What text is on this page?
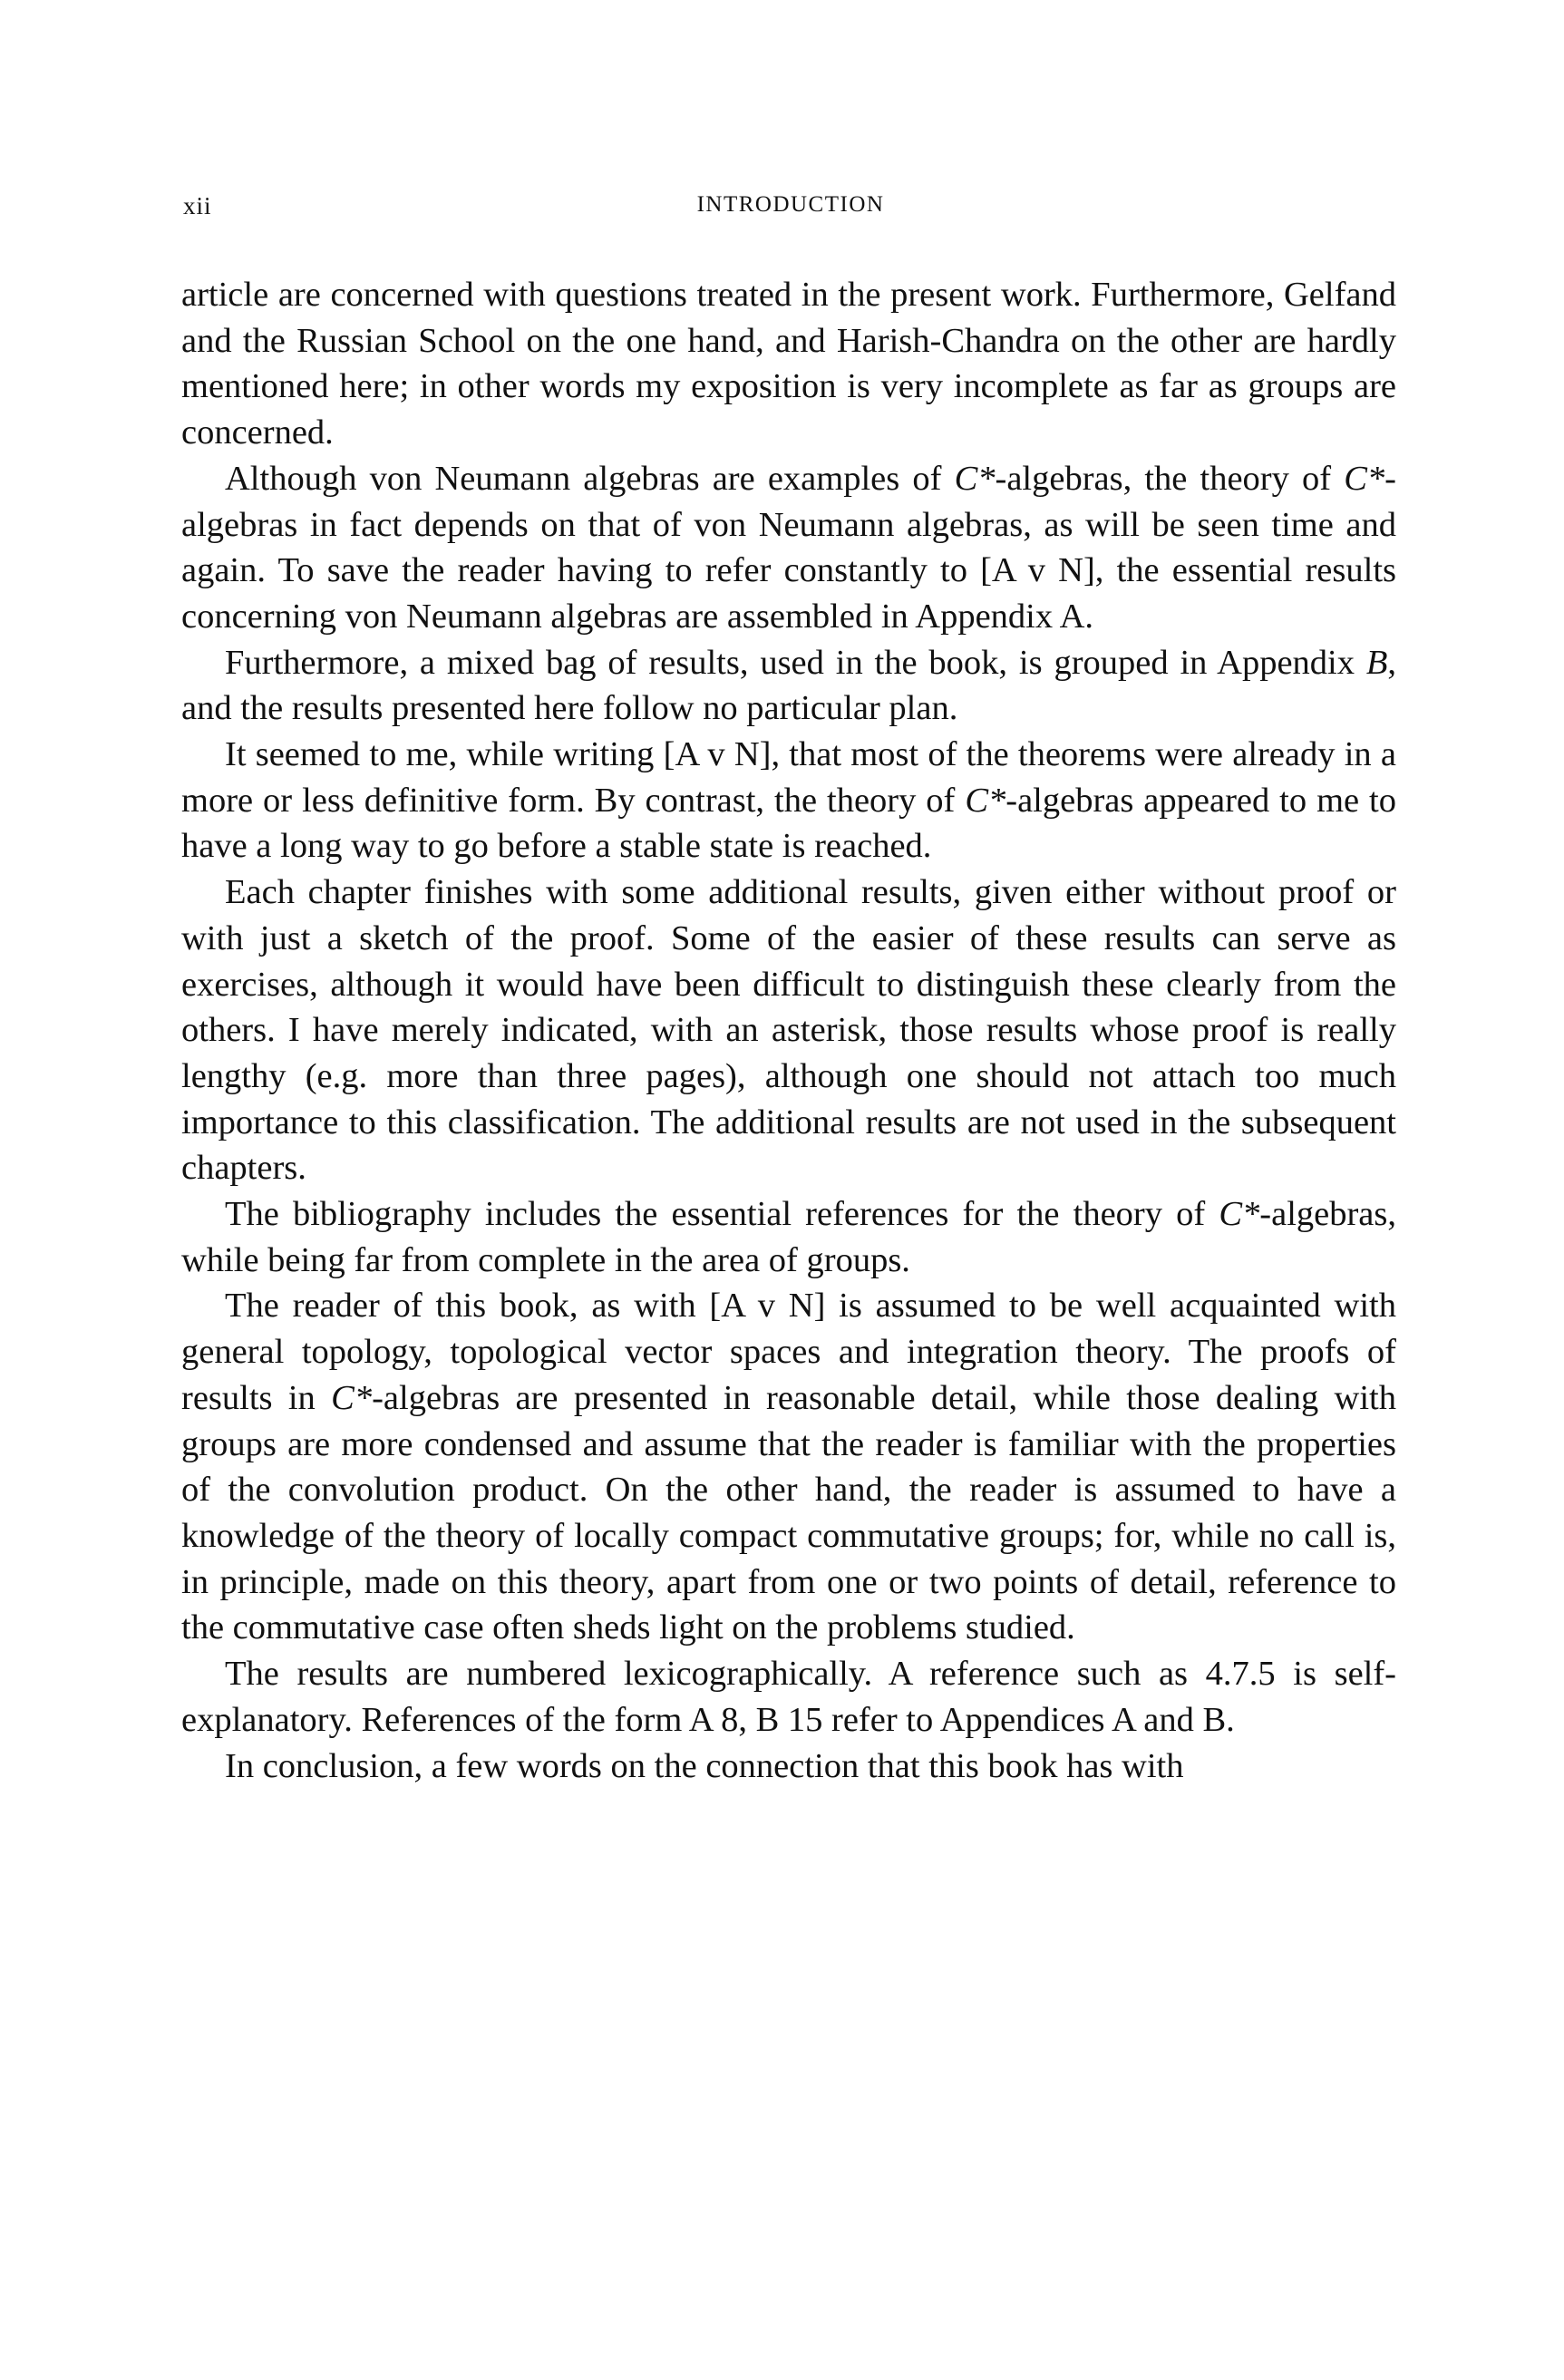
xii	INTRODUCTION

article are concerned with questions treated in the present work. Furthermore, Gelfand and the Russian School on the one hand, and Harish-Chandra on the other are hardly mentioned here; in other words my exposition is very incomplete as far as groups are concerned.

Although von Neumann algebras are examples of C*-algebras, the theory of C*-algebras in fact depends on that of von Neumann algebras, as will be seen time and again. To save the reader having to refer constantly to [A v N], the essential results concerning von Neumann algebras are assembled in Appendix A.

Furthermore, a mixed bag of results, used in the book, is grouped in Appendix B, and the results presented here follow no particular plan.

It seemed to me, while writing [A v N], that most of the theorems were already in a more or less definitive form. By contrast, the theory of C*-algebras appeared to me to have a long way to go before a stable state is reached.

Each chapter finishes with some additional results, given either without proof or with just a sketch of the proof. Some of the easier of these results can serve as exercises, although it would have been difficult to distinguish these clearly from the others. I have merely indicated, with an asterisk, those results whose proof is really lengthy (e.g. more than three pages), although one should not attach too much importance to this classification. The additional results are not used in the subsequent chapters.

The bibliography includes the essential references for the theory of C*-algebras, while being far from complete in the area of groups.

The reader of this book, as with [A v N] is assumed to be well acquainted with general topology, topological vector spaces and integration theory. The proofs of results in C*-algebras are presented in reasonable detail, while those dealing with groups are more condensed and assume that the reader is familiar with the properties of the convolution product. On the other hand, the reader is assumed to have a knowledge of the theory of locally compact commutative groups; for, while no call is, in principle, made on this theory, apart from one or two points of detail, reference to the commutative case often sheds light on the problems studied.

The results are numbered lexicographically. A reference such as 4.7.5 is self-explanatory. References of the form A 8, B 15 refer to Appendices A and B.

In conclusion, a few words on the connection that this book has with
